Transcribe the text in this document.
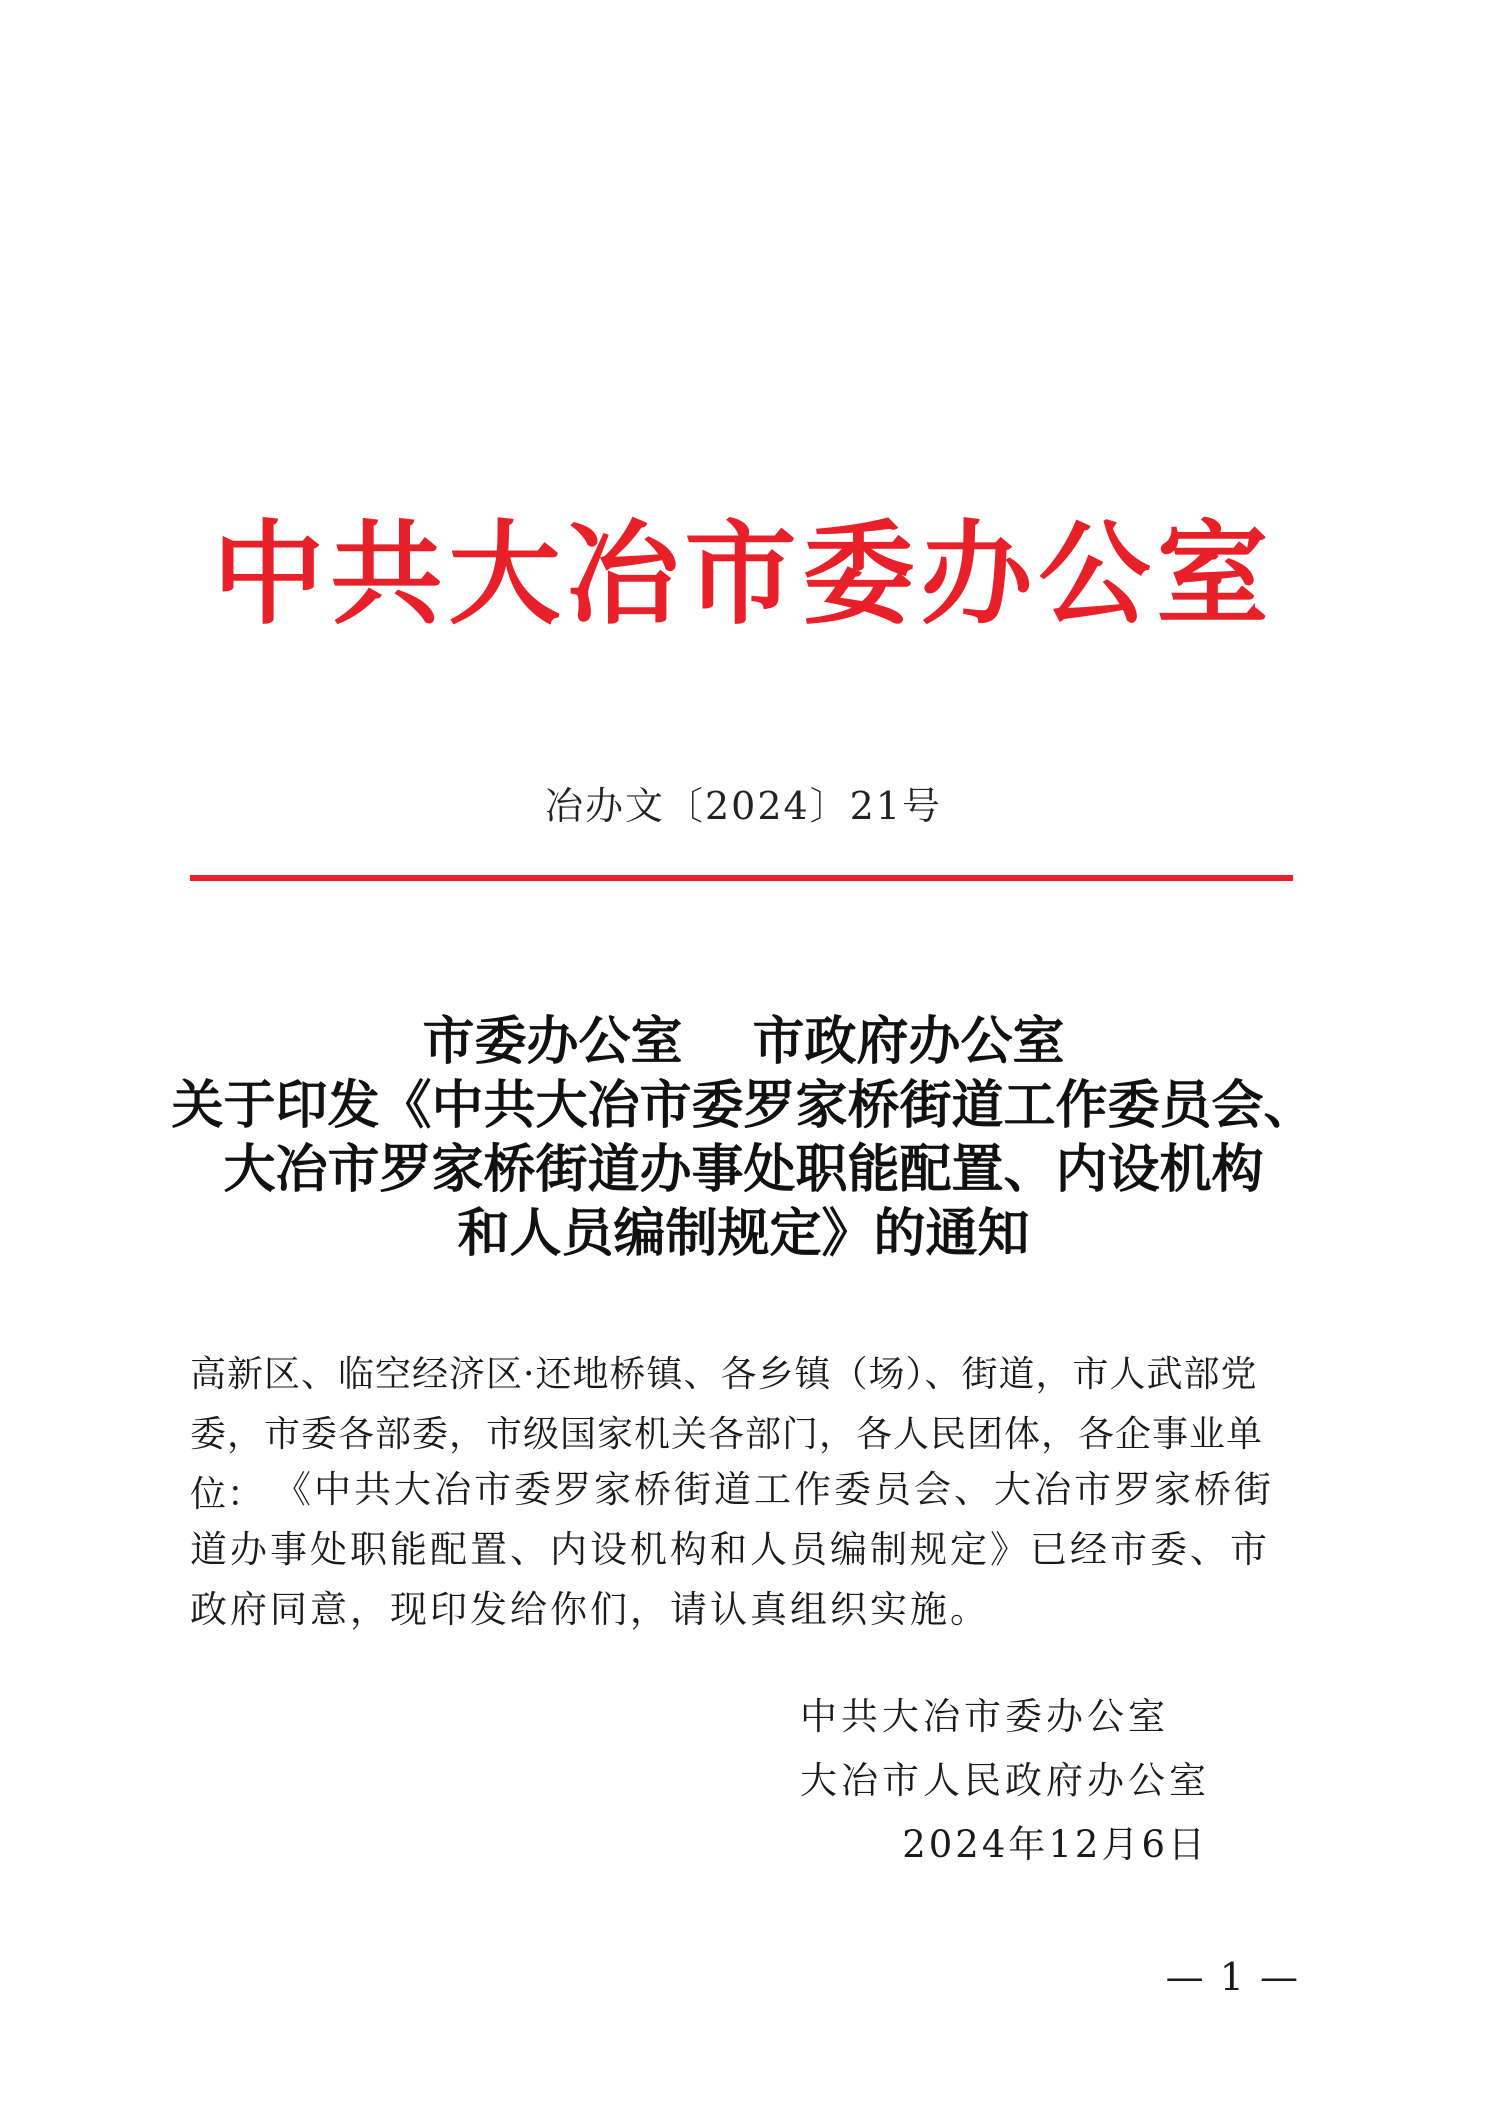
中共大冶市委办公室
冶办文〔2024〕21号
市委办公室　 市政府办公室
关于印发《中共大冶市委罗家桥街道工作委员会、
大冶市罗家桥街道办事处职能配置、内设机构
和人员编制规定》的通知
高新区、临空经济区·还地桥镇、各乡镇（场）、街道，市人武部党委，市委各部委，市级国家机关各部门，各人民团体，各企事业单位： 《中共大冶市委罗家桥街道工作委员会、大冶市罗家桥街道办事处职能配置、内设机构和人员编制规定》已经市委、市政府同意，现印发给你们，请认真组织实施。
中共大冶市委办公室
大冶市人民政府办公室
2024年12月6日
— 1 —
